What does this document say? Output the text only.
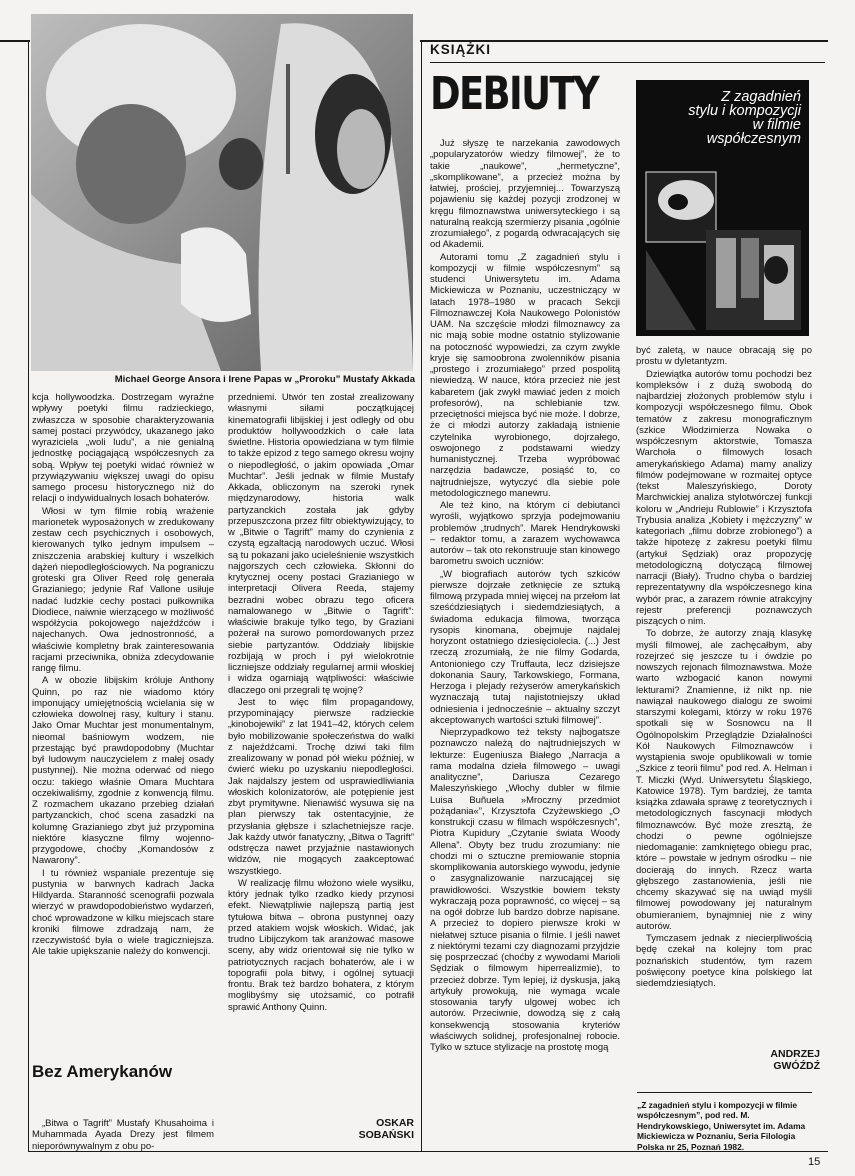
Michael George Ansora i Irene Papas w „Proroku” Mustafy Akkada

kcja hollywoodzka. Dostrzegam wyraźne wpływy poetyki filmu radzieckiego, zwłaszcza w sposobie charakteryzowania samej postaci przywódcy, ukazanego jako wyraziciela „woli ludu”, a nie genialną jednostkę pociągającą współczesnych za sobą. Wpływ tej poetyki widać również w przywiązywaniu większej uwagi do opisu samego procesu historycznego niż do relacji o indywidualnych losach bohaterów.

Włosi w tym filmie robią wrażenie marionetek wyposażonych w zredukowany zestaw cech psychicznych i osobowych, kierowanych tylko jednym impulsem – zniszczenia arabskiej kultury i wszelkich dążeń niepodległościowych. Na pograniczu groteski gra Oliver Reed rolę generała Grazianiego; jedynie Raf Vallone usiłuje nadać ludzkie cechy postaci pułkownika Diodiece, naiwnie wierzącego w możliwość współżycia pokojowego najeźdźców i najechanych. Owa jednostronność, a właściwie kompletny brak zainteresowania racjami przeciwnika, obniża zdecydowanie rangę filmu.

A w obozie libijskim króluje Anthony Quinn, po raz nie wiadomo który imponujący umiejętnością wcielania się w człowieka dowolnej rasy, kultury i stanu. Jako Omar Muchtar jest monumentalnym, nieomal baśniowym wodzem, nie przestając być prawdopodobny (Muchtar był ludowym nauczycielem z małej osady pustynnej). Nie można oderwać od niego oczu: takiego właśnie Omara Muchtara oczekiwaliśmy, zgodnie z konwencją filmu. Z rozmachem ukazano przebieg działań partyzanckich, choć scena zasadzki na kolumnę Grazianiego zbyt już przypomina niektóre klasyczne filmy wojenno-przygodowe, choćby „Komandosów z Nawarony”.

I tu również wspaniale prezentuje się pustynia w barwnych kadrach Jacka Hildyarda. Staranność scenografii pozwala wierzyć w prawdopodobieństwo wydarzeń, choć wprowadzone w kilku miejscach stare kroniki filmowe zdradzają nam, że rzeczywistość była o wiele tragiczniejsza. Ale takie upiększanie należy do konwencji.

Bez Amerykanów

„Bitwa o Tagrift” Mustafy Khusahoima i Muhammada Ayada Drezy jest filmem nieporównywalnym z obu po-

przedniemi. Utwór ten został zrealizowany własnymi siłami początkującej kinematografii libijskiej i jest odległy od obu produktów hollywoodzkich o całe lata świetlne. Historia opowiedziana w tym filmie to także epizod z tego samego okresu wojny o niepodległość, o jakim opowiada „Omar Muchtar”. Jeśli jednak w filmie Mustafy Akkada, obliczonym na szeroki rynek międzynarodowy, historia walk partyzanckich została jak gdyby przepuszczona przez filtr obiektywizujący, to w „Bitwie o Tagrift” mamy do czynienia z czystą egzaltacją narodowych uczuć. Włosi są tu pokazani jako ucieleśnienie wszystkich najgorszych cech człowieka. Skłonni do krytycznej oceny postaci Grazianiego w interpretacji Olivera Reeda, stajemy bezradni wobec obrazu tego oficera namalowanego w „Bitwie o Tagrift”: właściwie brakuje tylko tego, by Graziani pożerał na surowo pomordowanych przez siebie partyzantów. Oddziały libijskie rozbijają w proch i pył wielokrotnie liczniejsze oddziały regularnej armii włoskiej i widza ogarniają wątpliwości: właściwie dlaczego oni przegrali tę wojnę?

Jest to więc film propagandowy, przypominający pierwsze radzieckie „kinobojewiki” z lat 1941–42, których celem było mobilizowanie społeczeństwa do walki z najeźdźcami. Trochę dziwi taki film zrealizowany w ponad pół wieku później, w ćwierć wieku po uzyskaniu niepodległości. Jak najdalszy jestem od usprawiedliwiania włoskich kolonizatorów, ale potępienie jest zbyt prymitywne. Nienawiść wysuwa się na plan pierwszy tak ostentacyjnie, że przysłania głębsze i szlachetniejsze racje. Jak każdy utwór fanatyczny, „Bitwa o Tagrift” odstręcza nawet przyjaźnie nastawionych widzów, nie mogących zaakceptować wszystkiego.

W realizację filmu włożono wiele wysiłku, który jednak tylko rzadko kiedy przynosi efekt. Niewątpliwie najlepszą partią jest tytułowa bitwa – obrona pustynnej oazy przed atakiem wojsk włoskich. Widać, jak trudno Libijczykom tak aranżować masowe sceny, aby widz orientował się nie tylko w patriotycznych racjach bohaterów, ale i w topografii pola bitwy, i ogólnej sytuacji frontu. Brak też bardzo bohatera, z którym moglibyśmy się utożsamić, co potrafił sprawić Anthony Quinn.

OSKAR
SOBAŃSKI
KSIĄŻKI
DEBIUTY

Już słyszę te narzekania zawodowych „popularyzatorów wiedzy filmowej”, że to takie „naukowe”, „hermetyczne”, „skomplikowane”, a przecież można by łatwiej, prościej, przyjemniej... Towarzyszą pojawieniu się każdej pozycji zrodzonej w kręgu filmoznawstwa uniwersyteckiego i są naturalną reakcją szermierzy pisania „ogólnie zrozumiałego”, z pogardą odwracających się od Akademii.

Autorami tomu „Z zagadnień stylu i kompozycji w filmie współczesnym” są studenci Uniwersytetu im. Adama Mickiewicza w Poznaniu, uczestniczący w latach 1978–1980 w pracach Sekcji Filmoznawczej Koła Naukowego Polonistów UAM. Na szczęście młodzi filmoznawcy za nic mają sobie modne ostatnio stylizowanie na potoczność wypowiedzi, za czym zwykle kryje się samoobrona zwolenników pisania „prostego i zrozumiałego” przed pospolitą niewiedzą. W naucе, która przecież nie jest kabaretem (jak zwykł mawiać jeden z moich profesorów), na schlebianie tzw. przeciętności miejsca być nie może. I dobrze, że ci młodzi autorzy zakładają istnienie czytelnika wyrobionego, dojrzałego, oswojonego z podstawami wiedzy humanistycznej. Trzeba wypróbować narzędzia badawcze, posiąść to, co najtrudniejsze, wytyczyć dla siebie pole metodologicznego manewru.

Ale też kino, na którym ci debiutanci wyrośli, wyjątkowo sprzyja podejmowaniu problemów „trudnych”. Marek Hendrykowski – redaktor tomu, a zarazem wychowawca autorów – tak oto rekonstruuje stan kinowego barometru swoich uczniów:

„W biografiach autorów tych szkiców pierwsze dojrzałe zetknięcie ze sztuką filmową przypada mniej więcej na przełom lat sześćdziesiątych i siedemdziesiątych, a świadoma edukacja filmowa, tworząca rysopis kinomana, obejmuje najdalej horyzont ostatniego dziesięciolecia. (...) Jest rzeczą zrozumiałą, że nie filmy Godarda, Antonioniego czy Truffauta, lecz dzisiejsze dokonania Saury, Tarkowskiego, Formana, Herzoga i plejady reżyserów amerykańskich wyznaczają tutaj najistotniejszy układ odniesienia i jednocześnie – aktualny szczyt akceptowanych wartości sztuki filmowej”.

Nieprzypadkowo też teksty najbogatsze poznawczo należą do najtrudniejszych w lekturze: Eugeniusza Białego „Narracja a rama modalna dzieła filmowego – uwagi analityczne”, Dariusza Cezarego Maleszyńskiego „Włochy dubler w filmie Luisa Buñuela »Mroczny przedmiot pożądania«”, Krzysztofa Czyżewskiego „O konstrukcji czasu w filmach współczesnych”, Piotra Kupidury „Czytanie świata Woody Allena”. Obyty bez trudu zrozumiany: nie chodzi mi o sztuczne premiowanie stopnia skomplikowania autorskiego wywodu, jedynie o zasygnalizowanie narzucającej się prawidłowości. Wszystkie bowiem teksty wykraczają poza poprawność, co więcej – są na ogół dobrze lub bardzo dobrze napisane. A przecież to dopiero pierwsze kroki w niełatwej sztuce pisania o filmie. I jeśli nawet z niektórymi tezami czy diagnozami przyjdzie się posprzeczać (choćby z wywodami Marioli Sędziak o filmowym hiperrealizmie), to przecież dobrze. Tym lepiej, iż dyskusja, jaką artykuły prowokują, nie wymaga wcale stosowania taryfy ulgowej wobec ich autorów. Przeciwnie, dowodzą się z całą konsekwencją stosowania kryteriów właściwych solidnej, profesjonalnej robocie. Tylko w sztuce stylizacje na prostotę mogą

Z zagadnień
stylu i kompozycji
w filmie
współczesnym

być zaletą, w nauce obracają się po prostu w dyletantyzm.

Dziewiątka autorów tomu pochodzi bez kompleksów i z dużą swobodą do najbardziej złożonych problemów stylu i kompozycji współczesnego filmu. Obok tematów z zakresu monograficznym (szkice Włodzimierza Nowaka o współczesnym aktorstwie, Tomasza Warchoła o filmowych losach amerykańskiego Adama) mamy analizy filmów podejmowane w rozmaitej optyce (tekst Maleszyńskiego, Doroty Marchwickiej analiza stylotwórczej funkcji koloru w „Andrieju Rublowie” i Krzysztofa Trybusia analiza „Kobiety i mężczyzny” w kategoriach „filmu dobrze zrobionego”) a także hipotezę z zakresu poetyki filmu (artykuł Sędziak) oraz propozycję metodologiczną dotyczącą filmowej narracji (Biały). Trudno chyba o bardziej reprezentatywny dla współczesnego kina wybór prac, a zarazem równie atrakcyjny rejestr preferencji poznawczych piszących o nim.

To dobrze, że autorzy znają klasykę myśli filmowej, ale zachęcałbym, aby rozejrzeć się jeszcze tu i ówdzie po nowszych rejonach filmoznawstwa. Może warto wzbogacić kanon nowymi lekturami? Znamienne, iż nikt np. nie nawiązał naukowego dialogu ze swoimi starszymi kolegami, którzy w roku 1976 spotkali się w Sosnowcu na II Ogólnopolskim Przeglądzie Działalności Kół Naukowych Filmoznawców i wystąpienia swoje opublikowali w tomie „Szkice z teorii filmu” pod red. A. Helman i T. Miczki (Wyd. Uniwersytetu Śląskiego, Katowice 1978). Tym bardziej, że tamta książka zdawała sprawę z teoretycznych i metodologicznych fascynacji młodych filmoznawców. Być może zresztą, że chodzi o pewne ogólniejsze niedomaganie: zamkniętego obiegu prac, które – powstałe w jednym ośrodku – nie docierają do innych. Rzecz warta głębszego zastanowienia, jeśli nie chcemy skazywać się na uwiąd myśli filmowej powodowany jej naturalnym obumieraniem, bynajmniej nie z winy autorów.

Tymczasem jednak z niecierpliwością będę czekał na kolejny tom prac poznańskich studentów, tym razem poświęcony poetyce kina polskiego lat siedemdziesiątych.

ANDRZEJ
GWÓŹDŹ
„Z zagadnień stylu i kompozycji w filmie współczesnym”, pod red. M. Hendrykowskiego, Uniwersytet im. Adama Mickiewicza w Poznaniu, Seria Filologia Polska nr 25, Poznań 1982.
15
